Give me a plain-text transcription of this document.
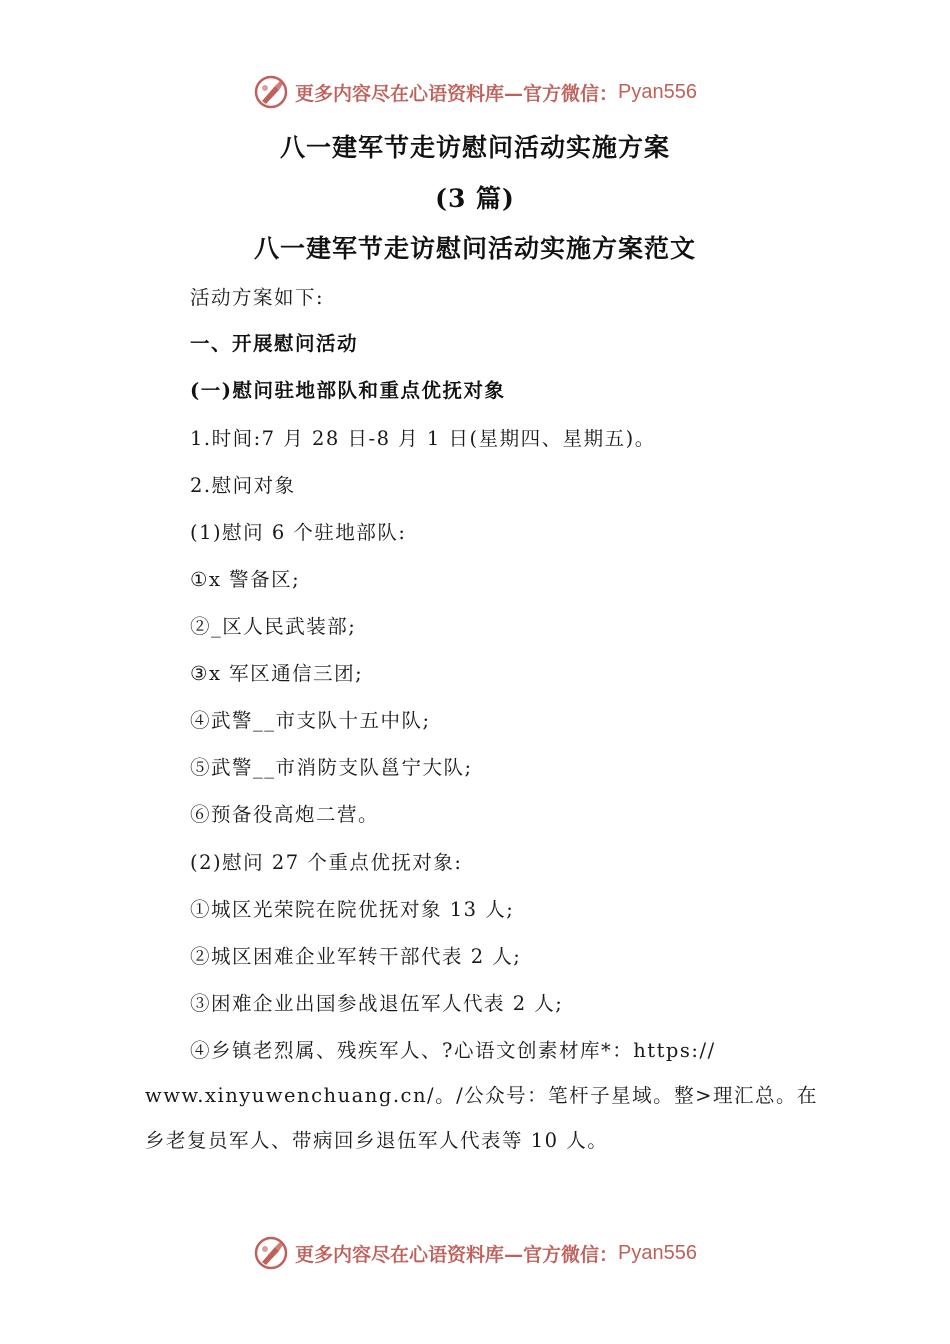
更多内容尽在心语资料库—官方微信： Pyan556
八一建军节走访慰问活动实施方案
(3 篇)
八一建军节走访慰问活动实施方案范文
活动方案如下:
一、开展慰问活动
(一)慰问驻地部队和重点优抚对象
1.时间:7 月 28 日-8 月 1 日(星期四、星期五)。
2.慰问对象
(1)慰问 6 个驻地部队:
①x 警备区;
②_区人民武装部;
③x 军区通信三团;
④武警__市支队十五中队;
⑤武警__市消防支队邕宁大队;
⑥预备役高炮二营。
(2)慰问 27 个重点优抚对象:
①城区光荣院在院优抚对象 13 人;
②城区困难企业军转干部代表 2 人;
③困难企业出国参战退伍军人代表 2 人;
④乡镇老烈属、残疾军人、?心语文创素材库*：https://
www.xinyuwenchuang.cn/。/公众号：笔杆子星域。整>理汇总。在
乡老复员军人、带病回乡退伍军人代表等 10 人。
更多内容尽在心语资料库—官方微信： Pyan556
